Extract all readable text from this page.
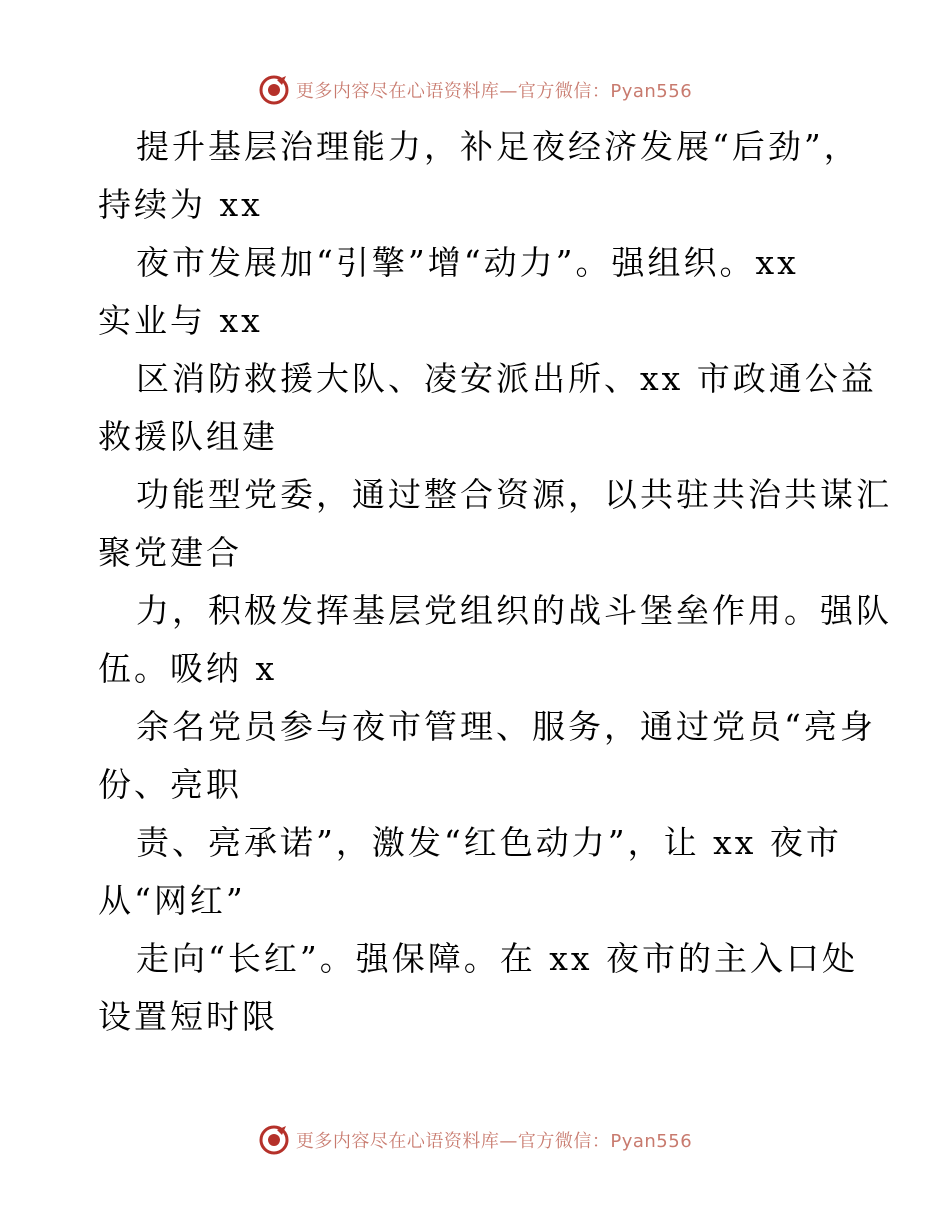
更多内容尽在心语资料库—官方微信：Pyan556

提升基层治理能力，补足夜经济发展“后劲”，
持续为 xx

夜市发展加“引擎”增“动力”。强组织。xx
实业与 xx

区消防救援大队、凌安派出所、xx 市政通公益
救援队组建

功能型党委，通过整合资源，以共驻共治共谋汇
聚党建合

力，积极发挥基层党组织的战斗堡垒作用。强队
伍。吸纳 x

余名党员参与夜市管理、服务，通过党员“亮身
份、亮职

责、亮承诺”，激发“红色动力”，让 xx 夜市
从“网红”

走向“长红”。强保障。在 xx 夜市的主入口处
设置短时限

更多内容尽在心语资料库—官方微信：Pyan556
